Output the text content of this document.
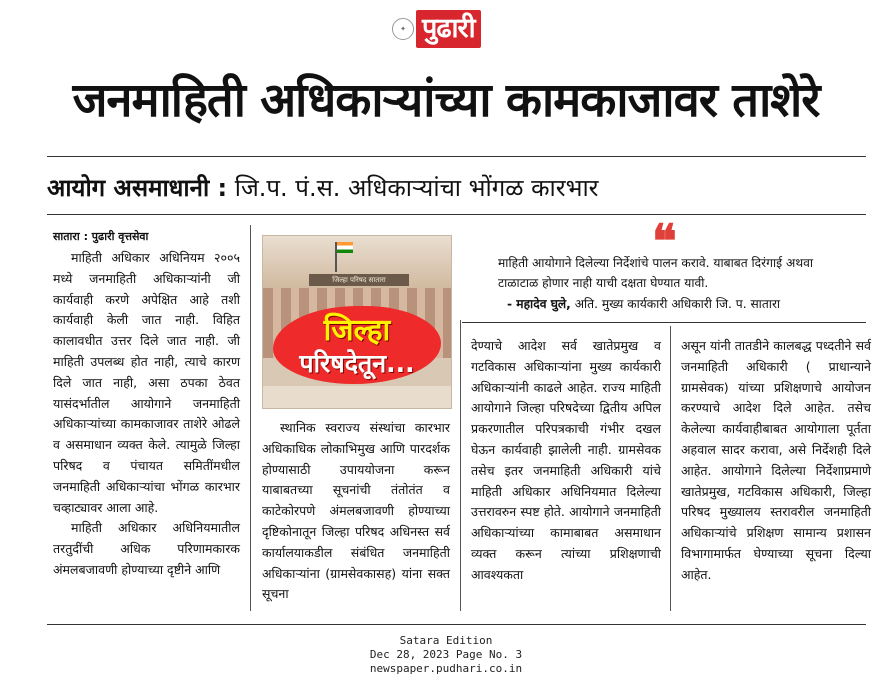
✦ पुढारी
जनमाहिती अधिकाऱ्यांच्या कामकाजावर ताशेरे
आयोग असमाधानी : जि.प. पं.स. अधिकाऱ्यांचा भोंगळ कारभार
सातारा : पुढारी वृत्तसेवा

माहिती अधिकार अधिनियम २००५ मध्ये जनमाहिती अधिकाऱ्यांनी जी कार्यवाही करणे अपेक्षित आहे तशी कार्यवाही केली जात नाही. विहित कालावधीत उत्तर दिले जात नाही. जी माहिती उपलब्ध होत नाही, त्याचे कारण दिले जात नाही, असा ठपका ठेवत यासंदर्भातील आयोगाने जनमाहिती अधिकाऱ्यांच्या कामकाजावर ताशेरे ओढले व असमाधान व्यक्त केले. त्यामुळे जिल्हा परिषद व पंचायत समितींमधील जनमाहिती अधिकाऱ्यांचा भोंगळ कारभार चव्हाट्यावर आला आहे.

माहिती अधिकार अधिनियमातील तरतुदींची अधिक परिणामकारक अंमलबजावणी होण्याच्या दृष्टीने आणि

जिल्हा परिषद सातारा
जिल्हा
परिषदेतून...

स्थानिक स्वराज्य संस्थांचा कारभार अधिकाधिक लोकाभिमुख आणि पारदर्शक होण्यासाठी उपाययोजना करून याबाबतच्या सूचनांची तंतोतंत व काटेकोरपणे अंमलबजावणी होण्याच्या दृष्टिकोनातून जिल्हा परिषद अधिनस्त सर्व कार्यालयाकडील संबंधित जनमाहिती अधिकाऱ्यांना (ग्रामसेवकासह) यांना सक्त सूचना

❝
माहिती आयोगाने दिलेल्या निर्देशांचे पालन करावे. याबाबत दिरंगाई अथवा टाळाटाळ होणार नाही याची दक्षता घेण्यात यावी.
- महादेव घुले, अति. मुख्य कार्यकारी अधिकारी जि. प. सातारा

देण्याचे आदेश सर्व खातेप्रमुख व गटविकास अधिकाऱ्यांना मुख्य कार्यकारी अधिकाऱ्यांनी काढले आहेत. राज्य माहिती आयोगाने जिल्हा परिषदेच्या द्वितीय अपिल प्रकरणातील परिपत्रकाची गंभीर दखल घेऊन कार्यवाही झालेली नाही. ग्रामसेवक तसेच इतर जनमाहिती अधिकारी यांचे माहिती अधिकार अधिनियमात दिलेल्या उत्तरावरुन स्पष्ट होते. आयोगाने जनमाहिती अधिकाऱ्यांच्या कामाबाबत असमाधान व्यक्त करून त्यांच्या प्रशिक्षणाची आवश्यकता

असून यांनी तातडीने कालबद्ध पध्दतीने सर्व जनमाहिती अधिकारी ( प्राधान्याने ग्रामसेवक) यांच्या प्रशिक्षणाचे आयोजन करण्याचे आदेश दिले आहेत. तसेच केलेल्या कार्यवाहीबाबत आयोगाला पूर्तता अहवाल सादर करावा, असे निर्देशही दिले आहेत. आयोगाने दिलेल्या निर्देशाप्रमाणे खातेप्रमुख, गटविकास अधिकारी, जिल्हा परिषद मुख्यालय स्तरावरील जनमाहिती अधिकाऱ्यांचे प्रशिक्षण सामान्य प्रशासन विभागामार्फत घेण्याच्या सूचना दिल्या आहेत.

Satara Edition
Dec 28, 2023 Page No. 3
newspaper.pudhari.co.in
